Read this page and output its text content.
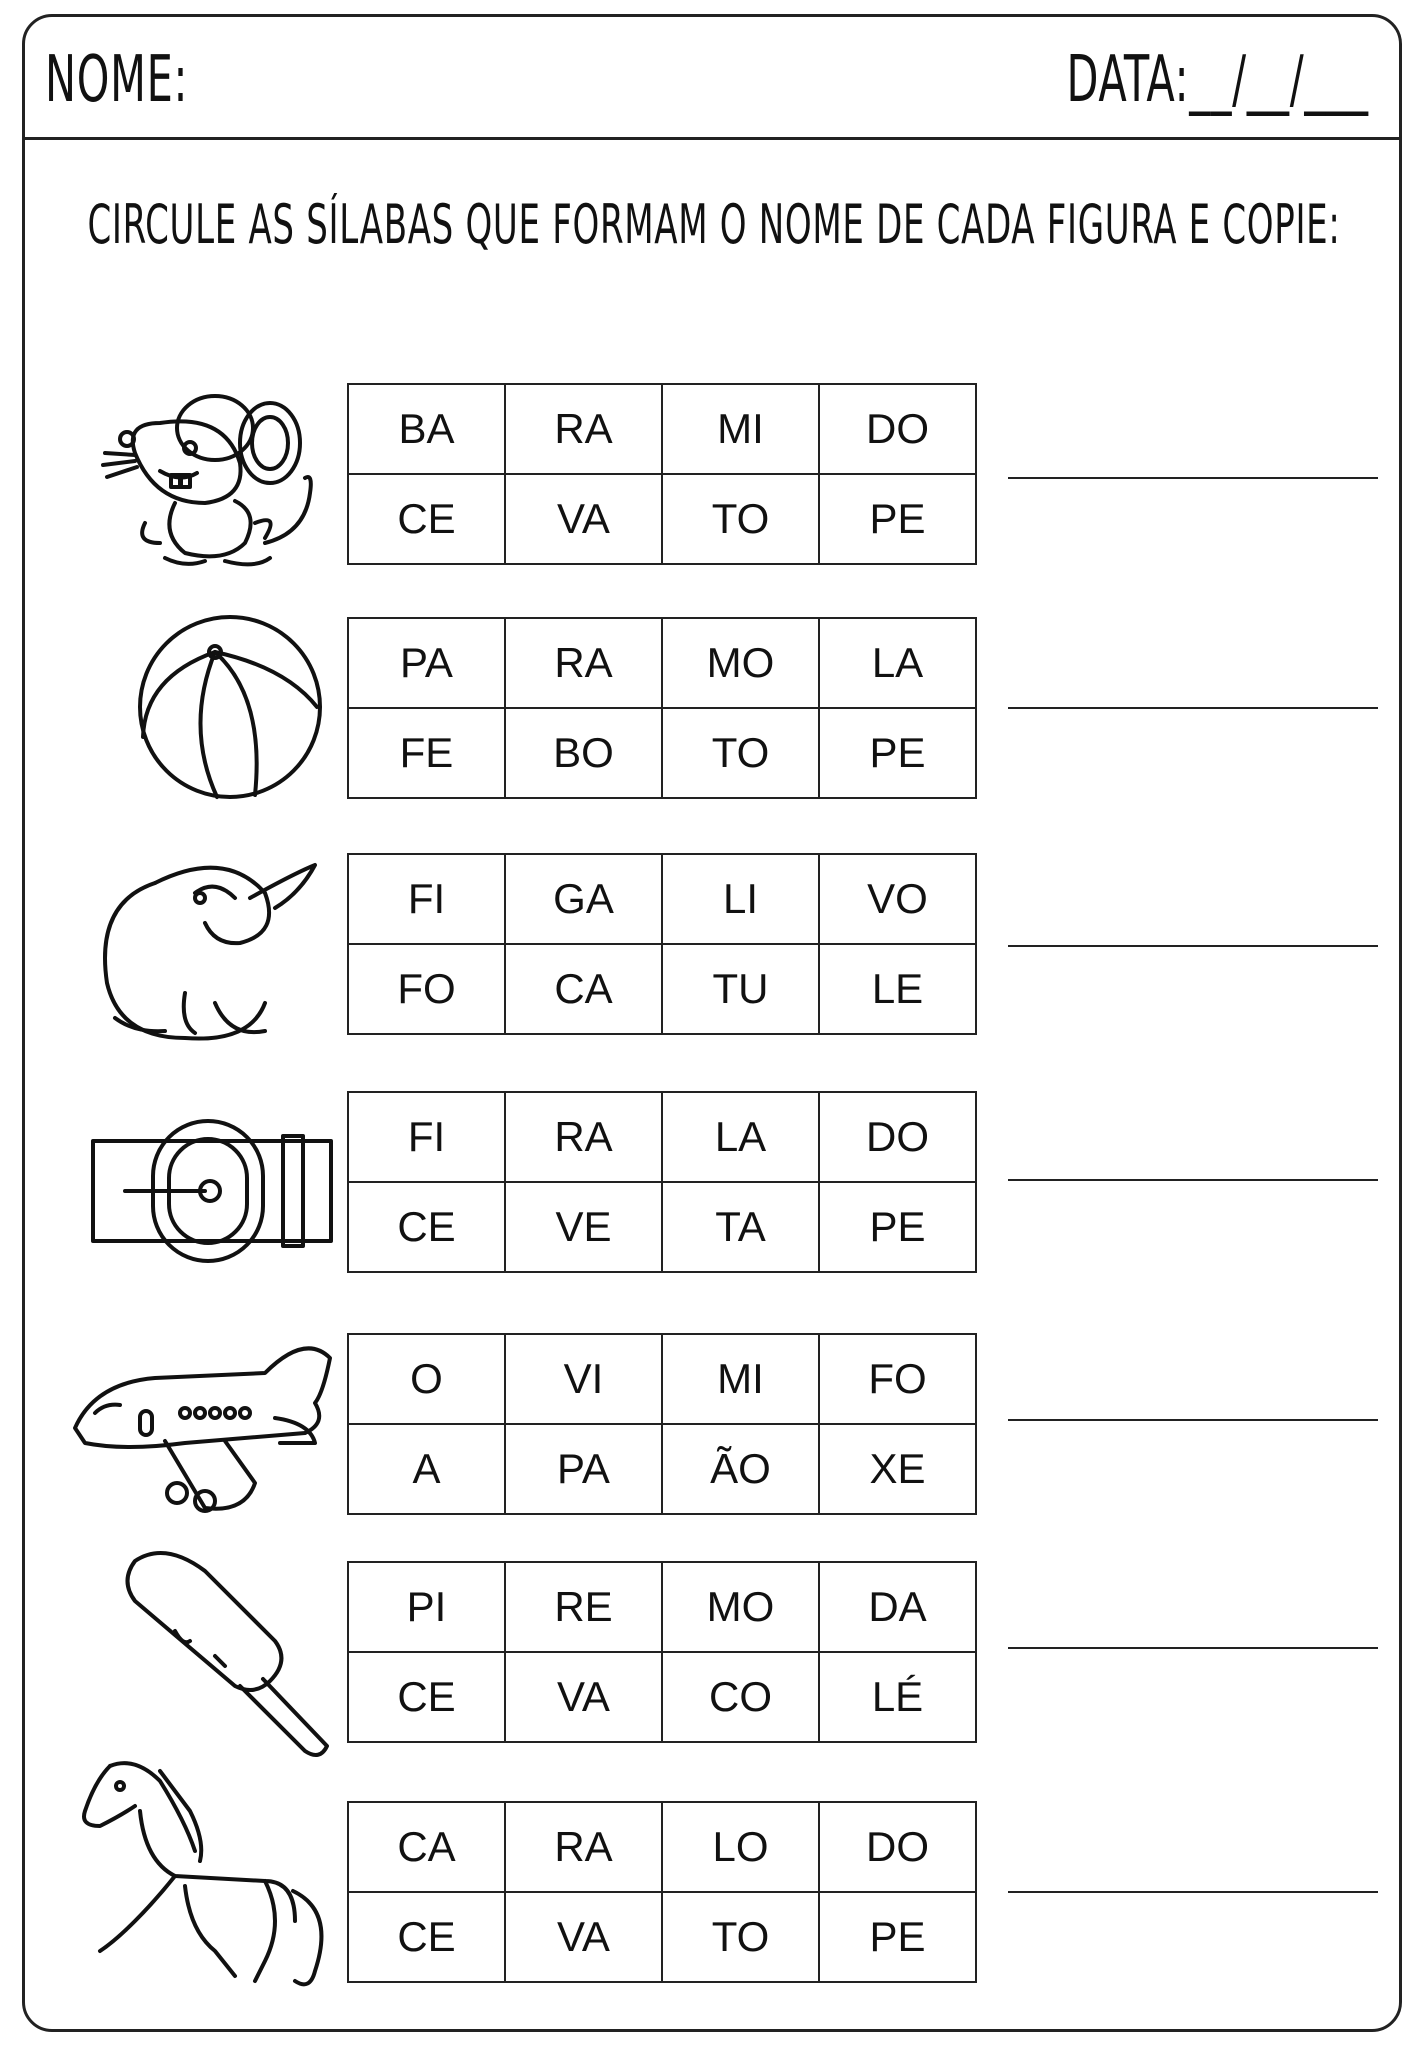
NOME:	DATA:__/__/___
CIRCULE AS SÍLABAS QUE FORMAM O NOME DE CADA FIGURA E COPIE:
BA	RA	MI	DO
CE	VA	TO	PE
PA	RA	MO	LA
FE	BO	TO	PE
FI	GA	LI	VO
FO	CA	TU	LE
FI	RA	LA	DO
CE	VE	TA	PE
O	VI	MI	FO
A	PA	ÃO	XE
PI	RE	MO	DA
CE	VA	CO	LÉ
CA	RA	LO	DO
CE	VA	TO	PE
